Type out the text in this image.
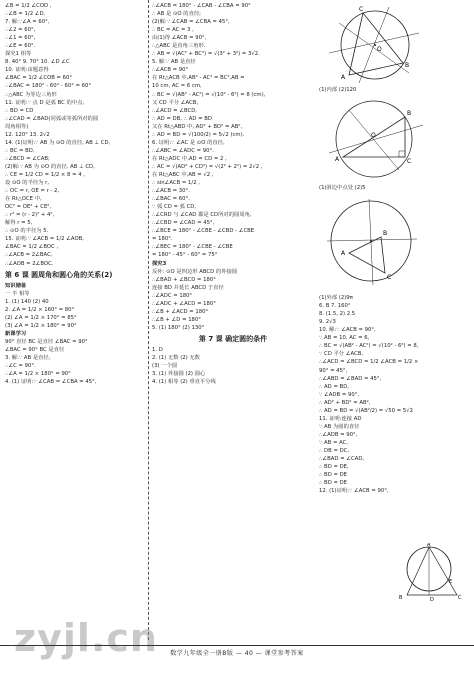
∠B = 1/2 ∠COD ,
∴∠B = 1/2 ∠D.
7. 解:∵∠A = 60°,
∴∠2 = 60°,
∴∠1 = 60°,
∴∠E = 60°.
探究1 相等
8. 40° 9. 70° 10. ∠D ∠C
10. 证明:由题意得
∠BAC = 1/2 ∠COB = 60°
∴∠BAC = 180° - 60° - 60° = 60°
∴△ABC 为等边三角形
11. 证明:∵ 点 D 是弧 BC 的中点,
∴ BD = CD
∴∠CAD = ∠BAD(同弧或等弧所对的圆
周角相等)
12. 120° 13. 2√2
14. (1)证明:∵ AB 为 ⊙O 的直径, AB ⊥ CD,
∴ BC = BD.
∴∠BCD = ∠CAB;
(2)解:∵ AB 为 ⊙O 的直径, AB ⊥ CD,
∴ CE = 1/2 CD = 1/2 × 8 = 4 ,
设 ⊙O 的半径为 r,
∴ OC = r, OE = r - 2,
在 Rt△OCE 中,
OC² = OE² + CE²,
∴ r² = (r - 2)² + 4²,
解得 r = 5,
∴ ⊙O 的半径为 5.
15. 证明:∵ ∠ACB = 1/2 ∠AOB,
∠BAC = 1/2 ∠BOC ,
∴∠ACB = 2∠BAC,
∴∠AOB = 2∠BOC.
第 6 课 圆周角和圆心角的关系(2)
知识储备
一 半 相等
1. (1) 140 (2) 40
2. ∠A = 1/2 × 160° = 80°
(2) ∠A = 1/2 × 170° = 85°
(3) ∠A = 1/2 × 180° = 90°
新课学习
90° 直径 BC 是直径 ∠BAC = 90°
∠BAC = 90° BC 是直径
3. 解:∵ AB 是直径,
∴∠C = 90°.
∴∠A = 1/2 × 180° = 90°
4. (1) 证明:∵ ∠CAB = ∠CBA = 45°,
∴∠ACB = 180° - ∠CAB - ∠CBA = 90°
∴ AB 是 ⊙O 的直径;
(2)解:∵ ∠CAB = ∠CBA = 45°,
∴ BC = AC = 3 ,
由(1)得 ∠ACB = 90°,
∴△ABC 是直角三角形.
∴ AB = √(AC² + BC²) = √(3² + 3²) = 3√2.
5. 解:∵ AB 是直径
∴∠ACB = 90°
在 Rt△ACB 中,AB² - AC² = BC²,AB =
10 cm, AC = 6 cm,
∴ BC = √(AB² - AC²) = √(10² - 6²) = 8 (cm),
又 CD 平分 ∠ACB,
∴∠ACD = ∠BCD,
∴ AD = DB, ∴ AD = BD
又在 Rt△ABD 中, AD² + BD² = AB²,
∴ AD = BD = √(100/2) = 5√2 (cm).
6. 证明:∵ ∠AC 是 ⊙O 的直径,
∴∠ABC = ∠ADC = 90°.
在 Rt△ADC 中,AD = CD = 2 ,
∴ AC = √(AD² + CD²) = √(2² + 2²) = 2√2 ,
在 Rt△ABC 中,AB = √2 ,
∴ sin∠ACB = 1/2 ,
∴∠ACB = 30°.
∴∠BAC = 60°.
∵ 弧 CD = 弧 CD,
∴∠CRD 与 ∠CAD 都是 CD所对的圆周角,
∴∠CBD = ∠CAD = 45°,
∴∠BCE = 180° - ∠CBE - ∠CBD - ∠CBE
= 180°.
∴∠BEC = 180° - ∠CBE - ∠CBE
= 180° - 45° - 60° = 75°
探究3
反补: ⊙O 是四边形 ABCD 的外接圆
∴∠BAD + ∠BCD = 180°
连接 BD 并延长 ABCD 于直径
∴∠ADC = 180°
∴∠ADC + ∠ACD = 180°
∴∠B + ∠ACD = 180°
∴∠B + ∠D = 180°
5. (1) 180° (2) 130°
第 7 课 确定圆的条件
1. D
2. (1) 无数 (2) 无数
(3) 一个圆
3. (1) 外接圆 (2) 圆心
4. (1) 相等 (2) 垂直平分线
C
A
B
O
(1)内部 (2)120
B
A	C
O
(1)斜边中点处 (2)5
A
B
C
(1)外部 (2)9π
6. B 7. 160°
8. (1.5, 2) 2.5
9. 2√3
10. 解:∵ ∠ACB = 90°,
∵ AB = 10, AC = 6,
∴ BC = √(AB² - AC²) = √(10² - 6²) = 8,
∵ CD 平分 ∠ACB,
∴∠ACD = ∠BCD = 1/2 ∠ACB = 1/2 ×
90° = 45°,
∴∠ABD = ∠BAD = 45°,
∴ AD = BD,
∵ ∠ADB = 90°,
∴ AD² + BD² = AB²,
∴ AD = BD = √(AB²/2) = √50 = 5√2
11. 证明:连接 AD
∵ AB 为圆的直径
∴∠ADB = 90°,
∵ AB = AC,
∴ DB = DC,
∴∠BAD = ∠CAD,
∴ BD = DE,
∴ BD = DE
∴ BD = DE
12. (1)证明:∵ ∠ACB = 90°,
A
B	C
D
E
zyjl.cn	数学九年级全一册B版 — 40 — 课堂参考答案
